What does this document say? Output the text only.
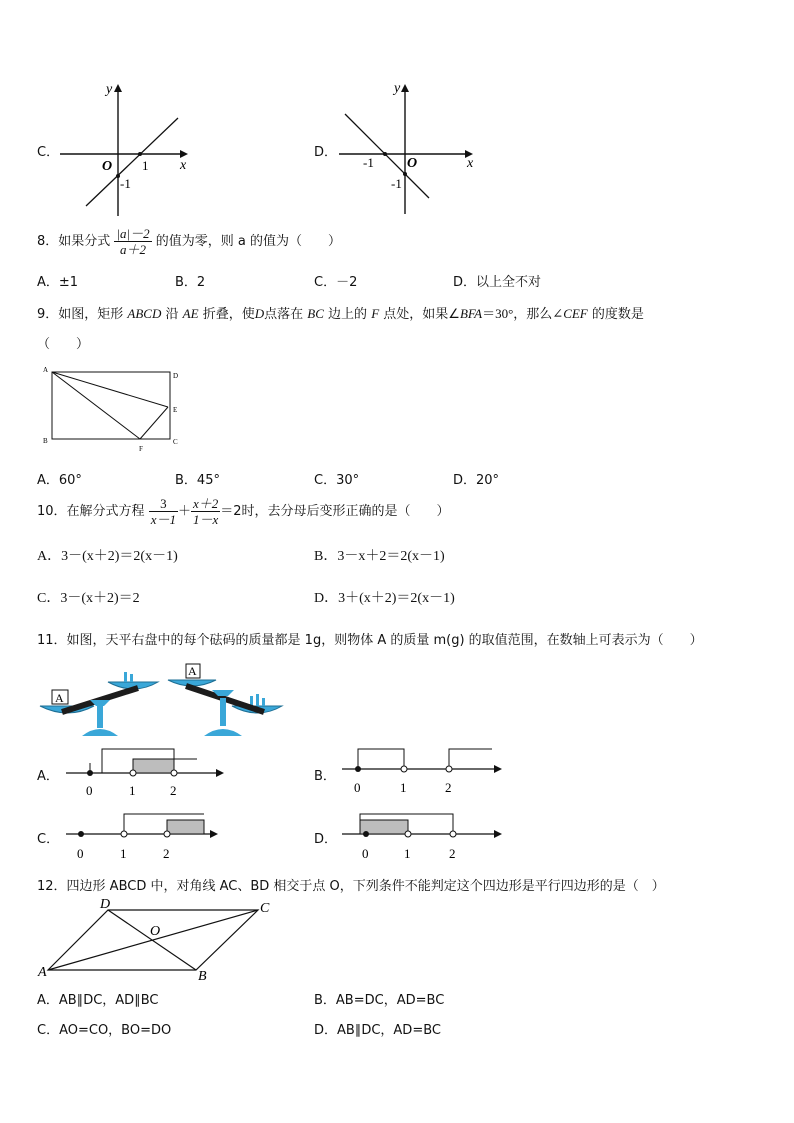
C．
y
x
O 1
-1
D．
y
x
O
-1
-1
8．如果分式 $\frac{|a|-2}{a+2}$ 的值为零，则 a 的值为（　　）
A．±1	B．2	C．－2	D．以上全不对
9．如图，矩形 ABCD 沿 AE 折叠，使D点落在 BC 边上的 F 点处，如果∠BFA＝30°，那么∠CEF 的度数是
（　　）
A
B	C
D
E
F
A．60°	B．45°	C．30°	D．20°
10．在解分式方程 $\frac{3}{x-1} + \frac{x+2}{1-x} =2$时，去分母后变形正确的是（　　）
A．3－(x＋2)＝2(x－1)	B．3－x＋2＝2(x－1)
C．3－(x＋2)＝2	D．3＋(x＋2)＝2(x－1)
11．如图，天平右盘中的每个砝码的质量都是 1g，则物体 A 的质量 m(g) 的取值范围，在数轴上可表示为（　　）
A
A
A．
0	1	2
B．
0	1	2
C．
0	1	2
D．
0	1	2
12．四边形 ABCD 中，对角线 AC、BD 相交于点 O，下列条件不能判定这个四边形是平行四边形的是（　）
A	B
C
D
O
A．AB∥DC，AD∥BC	B．AB=DC，AD=BC
C．AO=CO，BO=DO	D．AB∥DC，AD=BC
